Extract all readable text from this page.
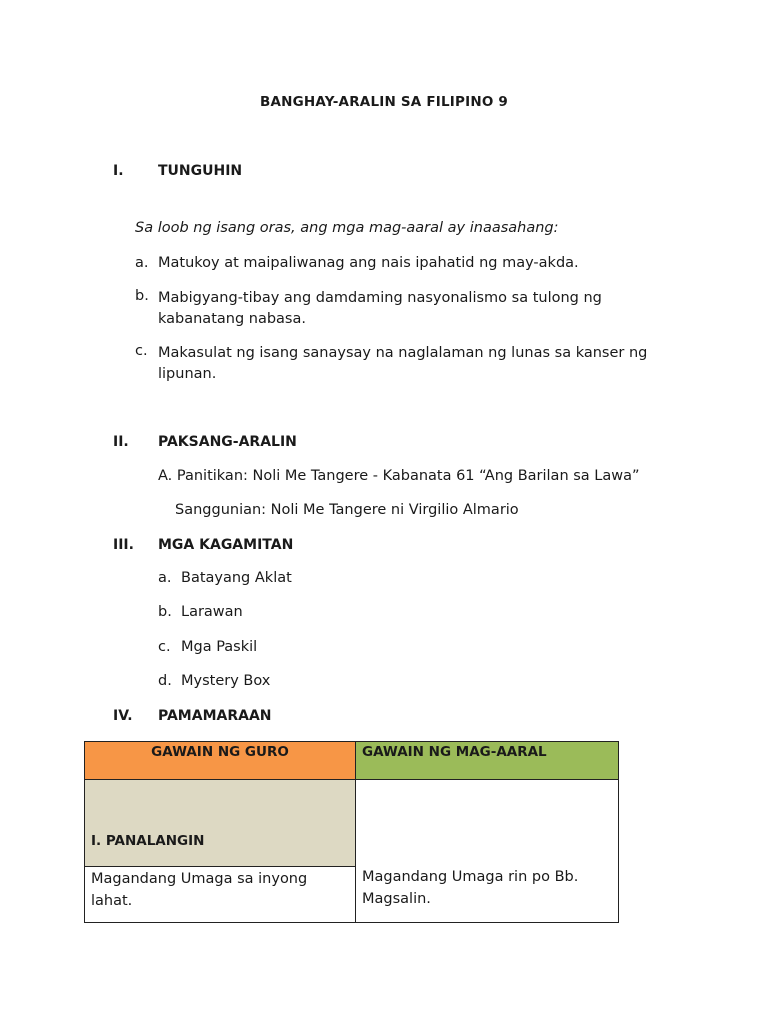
BANGHAY-ARALIN SA FILIPINO 9
I. TUNGUHIN
Sa loob ng isang oras, ang mga mag-aaral ay inaasahang:
a. Matukoy at maipaliwanag ang nais ipahatid ng may-akda.
b. Mabigyang-tibay ang damdaming nasyonalismo sa tulong ng kabanatang nabasa.
c. Makasulat ng isang sanaysay na naglalaman ng lunas sa kanser ng lipunan.
II. PAKSANG-ARALIN
A. Panitikan: Noli Me Tangere - Kabanata 61 “Ang Barilan sa Lawa”
Sanggunian: Noli Me Tangere ni Virgilio Almario
III. MGA KAGAMITAN
a. Batayang Aklat
b. Larawan
c. Mga Paskil
d. Mystery Box
IV. PAMAMARAAN
GAWAIN NG GURO	GAWAIN NG MAG-AARAL
I. PANALANGIN	Magandang Umaga rin po Bb. Magsalin.
Magandang Umaga sa inyong lahat.	
